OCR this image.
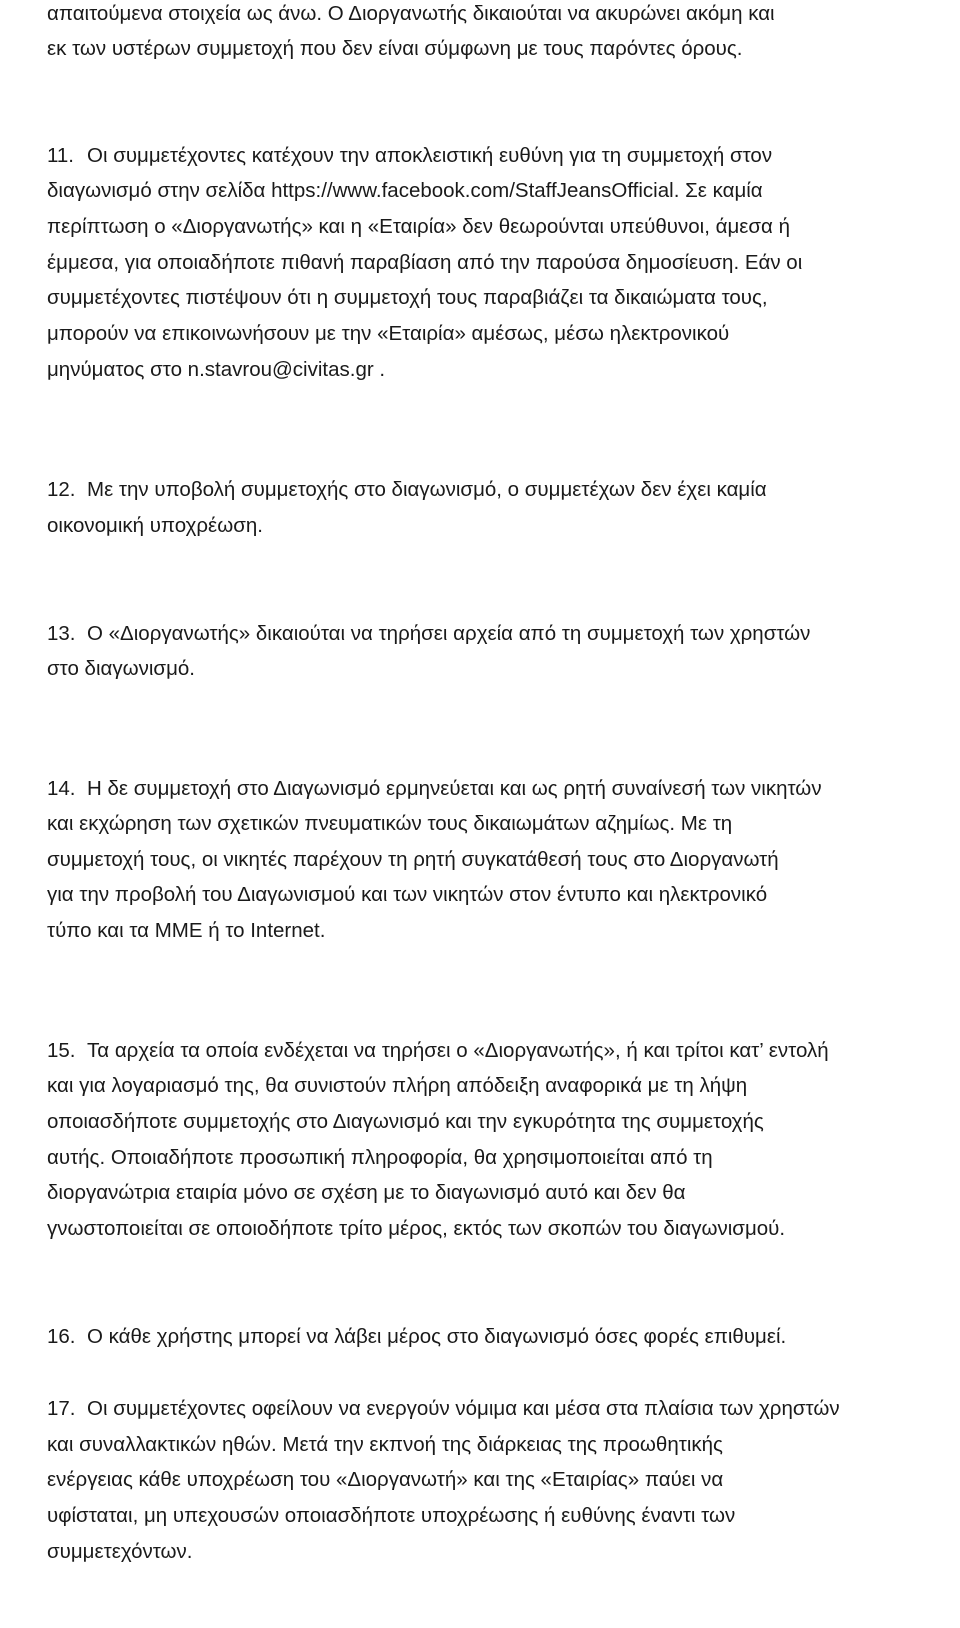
απαιτούμενα στοιχεία ως άνω. Ο Διοργανωτής δικαιούται να ακυρώνει ακόμη και
εκ των υστέρων συμμετοχή που δεν είναι σύμφωνη με τους παρόντες όρους.
11. Οι συμμετέχοντες κατέχουν την αποκλειστική ευθύνη για τη συμμετοχή στον
διαγωνισμό στην σελίδα https://www.facebook.com/StaffJeansOfficial. Σε καμία
περίπτωση ο «Διοργανωτής» και η «Εταιρία» δεν θεωρούνται υπεύθυνοι, άμεσα ή
έμμεσα, για οποιαδήποτε πιθανή παραβίαση από την παρούσα δημοσίευση. Εάν οι
συμμετέχοντες πιστέψουν ότι η συμμετοχή τους παραβιάζει τα δικαιώματα τους,
μπορούν να επικοινωνήσουν με την «Εταιρία» αμέσως, μέσω ηλεκτρονικού
μηνύματος στο n.stavrou@civitas.gr .
12. Με την υποβολή συμμετοχής στο διαγωνισμό, ο συμμετέχων δεν έχει καμία
οικονομική υποχρέωση.
13. Ο «Διοργανωτής» δικαιούται να τηρήσει αρχεία από τη συμμετοχή των χρηστών
στο διαγωνισμό.
14. Η δε συμμετοχή στο Διαγωνισμό ερμηνεύεται και ως ρητή συναίνεσή των νικητών
και εκχώρηση των σχετικών πνευματικών τους δικαιωμάτων αζημίως. Με τη
συμμετοχή τους, οι νικητές παρέχουν τη ρητή συγκατάθεσή τους στο Διοργανωτή
για την προβολή του Διαγωνισμού και των νικητών στον έντυπο και ηλεκτρονικό
τύπο και τα ΜΜΕ ή το Internet.
15. Τα αρχεία τα οποία ενδέχεται να τηρήσει ο «Διοργανωτής», ή και τρίτοι κατ’ εντολή
και για λογαριασμό της, θα συνιστούν πλήρη απόδειξη αναφορικά με τη λήψη
οποιασδήποτε συμμετοχής στο Διαγωνισμό και την εγκυρότητα της συμμετοχής
αυτής. Οποιαδήποτε προσωπική πληροφορία, θα χρησιμοποιείται από τη
διοργανώτρια εταιρία μόνο σε σχέση με το διαγωνισμό αυτό και δεν θα
γνωστοποιείται σε οποιοδήποτε τρίτο μέρος, εκτός των σκοπών του διαγωνισμού.
16. Ο κάθε χρήστης μπορεί να λάβει μέρος στο διαγωνισμό όσες φορές επιθυμεί.
17. Οι συμμετέχοντες οφείλουν να ενεργούν νόμιμα και μέσα στα πλαίσια των χρηστών
και συναλλακτικών ηθών. Μετά την εκπνοή της διάρκειας της προωθητικής
ενέργειας κάθε υποχρέωση του «Διοργανωτή» και της «Εταιρίας» παύει να
υφίσταται, μη υπεχουσών οποιασδήποτε υποχρέωσης ή ευθύνης έναντι των
συμμετεχόντων.
